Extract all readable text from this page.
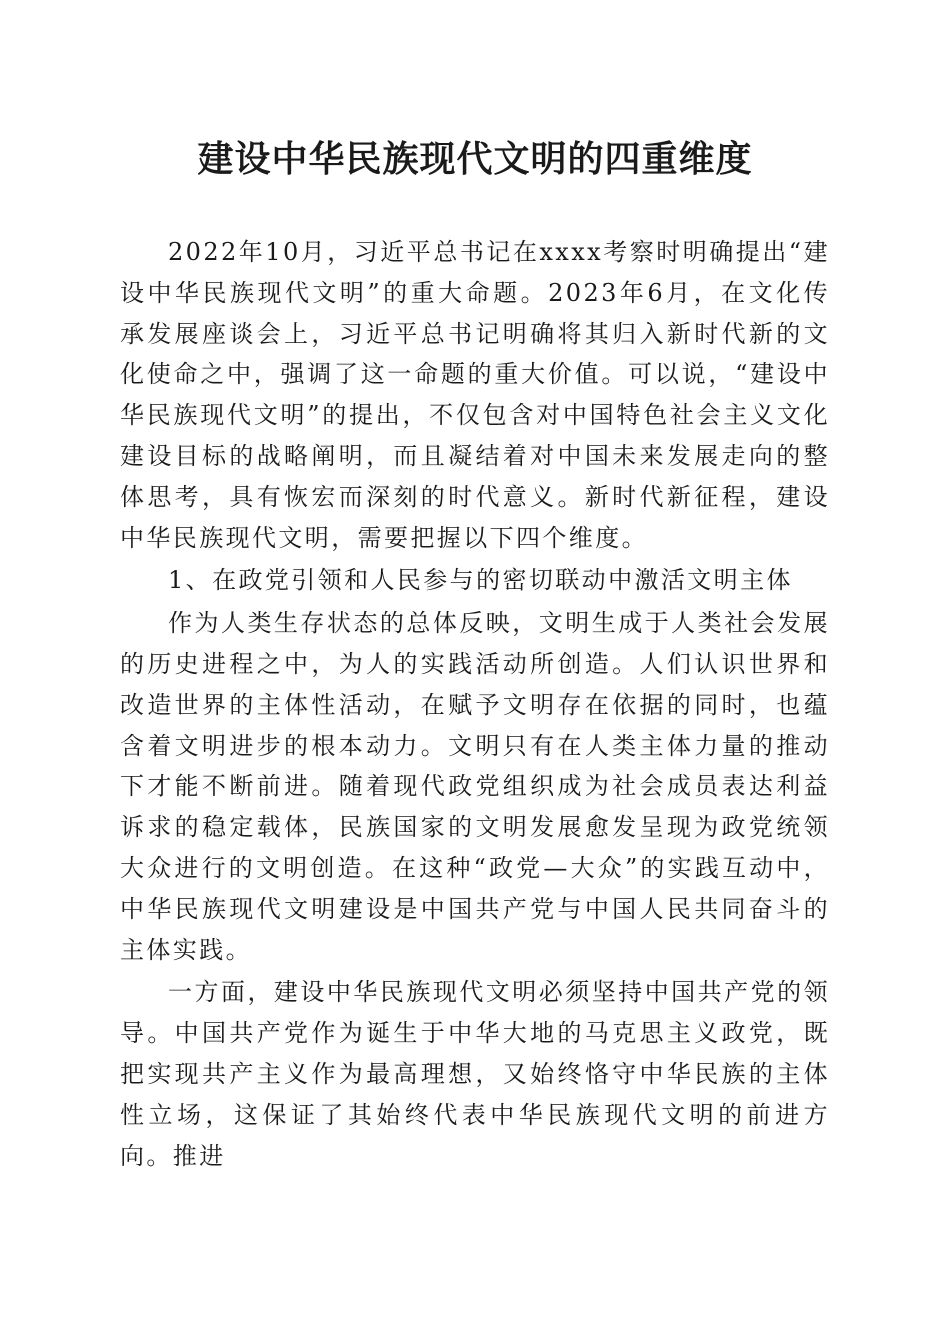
建设中华民族现代文明的四重维度

2022年10月，习近平总书记在xxxx考察时明确提出“建设中华民族现代文明”的重大命题。2023年6月，在文化传承发展座谈会上，习近平总书记明确将其归入新时代新的文化使命之中，强调了这一命题的重大价值。可以说，“建设中华民族现代文明”的提出，不仅包含对中国特色社会主义文化建设目标的战略阐明，而且凝结着对中国未来发展走向的整体思考，具有恢宏而深刻的时代意义。新时代新征程，建设中华民族现代文明，需要把握以下四个维度。

1、在政党引领和人民参与的密切联动中激活文明主体

作为人类生存状态的总体反映，文明生成于人类社会发展的历史进程之中，为人的实践活动所创造。人们认识世界和改造世界的主体性活动，在赋予文明存在依据的同时，也蕴含着文明进步的根本动力。文明只有在人类主体力量的推动下才能不断前进。随着现代政党组织成为社会成员表达利益诉求的稳定载体，民族国家的文明发展愈发呈现为政党统领大众进行的文明创造。在这种“政党—大众”的实践互动中，中华民族现代文明建设是中国共产党与中国人民共同奋斗的主体实践。

一方面，建设中华民族现代文明必须坚持中国共产党的领导。中国共产党作为诞生于中华大地的马克思主义政党，既把实现共产主义作为最高理想，又始终恪守中华民族的主体性立场，这保证了其始终代表中华民族现代文明的前进方向。推进
